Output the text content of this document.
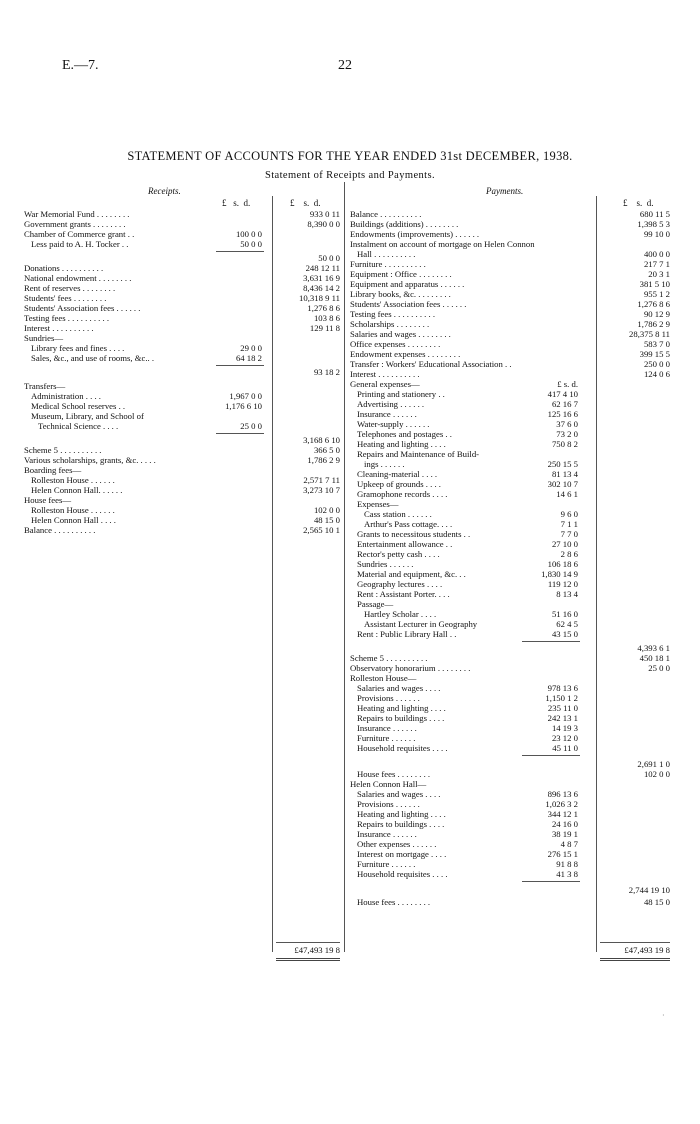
E.—7.	22
STATEMENT OF ACCOUNTS FOR THE YEAR ENDED 31st DECEMBER, 1938.
Statement of Receipts and Payments.
Receipts.	Payments.
£ s. d.	£ s. d.	£ s. d.
War Memorial Fund . . . . . . . .	933 0 11
Government grants . . . . . . . .	8,390 0 0
Chamber of Commerce grant . .	100 0 0
Less paid to A. H. Tocker . .	50 0 0
50 0 0
Donations . . . . . . . . . .	248 12 11
National endowment . . . . . . . .	3,631 16 9
Rent of reserves . . . . . . . .	8,436 14 2
Students' fees . . . . . . . .	10,318 9 11
Students' Association fees . . . . . .	1,276 8 6
Testing fees . . . . . . . . . .	103 8 6
Interest . . . . . . . . . .	129 11 8
Sundries—
Library fees and fines . . . .	29 0 0
Sales, &c., and use of rooms, &c.. .	64 18 2
93 18 2
Transfers—
Administration . . . .	1,967 0 0
Medical School reserves . .	1,176 6 10
Museum, Library, and School of
Technical Science . . . .	25 0 0
3,168 6 10
Scheme 5 . . . . . . . . . .	366 5 0
Various scholarships, grants, &c. . . . .	1,786 2 9
Boarding fees—
Rolleston House . . . . . .	2,571 7 11
Helen Connon Hall. . . . . .	3,273 10 7
House fees—
Rolleston House . . . . . .	102 0 0
Helen Connon Hall . . . .	48 15 0
Balance . . . . . . . . . .	2,565 10 1
£47,493 19 8
Balance . . . . . . . . . .	680 11 5
Buildings (additions) . . . . . . . .	1,398 5 3
Endowments (improvements) . . . . . .	99 10 0
Instalment on account of mortgage on Helen Connon
Hall . . . . . . . . . .	400 0 0
Furniture . . . . . . . . . .	217 7 1
Equipment : Office . . . . . . . .	20 3 1
Equipment and apparatus . . . . . .	381 5 10
Library books, &c. . . . . . . . .	955 1 2
Students' Association fees . . . . . .	1,276 8 6
Testing fees . . . . . . . . . .	90 12 9
Scholarships . . . . . . . .	1,786 2 9
Salaries and wages . . . . . . . .	28,375 8 11
Office expenses . . . . . . . .	583 7 0
Endowment expenses . . . . . . . .	399 15 5
Transfer : Workers' Educational Association . .	250 0 0
Interest . . . . . . . . . .	124 0 6
General expenses—	£ s. d.
Printing and stationery . .	417 4 10
Advertising . . . . . .	62 16 7
Insurance . . . . . .	125 16 6
Water-supply . . . . . .	37 6 0
Telephones and postages . .	73 2 0
Heating and lighting . . . .	750 8 2
Repairs and Maintenance of Build-
ings . . . . . .	250 15 5
Cleaning-material . . . .	81 13 4
Upkeep of grounds . . . .	302 10 7
Gramophone records . . . .	14 6 1
Expenses—
Cass station . . . . . .	9 6 0
Arthur's Pass cottage. . . .	7 1 1
Grants to necessitous students . .	7 7 0
Entertainment allowance . .	27 10 0
Rector's petty cash . . . .	2 8 6
Sundries . . . . . .	106 18 6
Material and equipment, &c. . .	1,830 14 9
Geography lectures . . . .	119 12 0
Rent : Assistant Porter. . . .	8 13 4
Passage—
Hartley Scholar . . . .	51 16 0
Assistant Lecturer in Geography	62 4 5
Rent : Public Library Hall . .	43 15 0
4,393 6 1
Scheme 5 . . . . . . . . . .	450 18 1
Observatory honorarium . . . . . . . .	25 0 0
Rolleston House—
Salaries and wages . . . .	978 13 6
Provisions . . . . . .	1,150 1 2
Heating and lighting . . . .	235 11 0
Repairs to buildings . . . .	242 13 1
Insurance . . . . . .	14 19 3
Furniture . . . . . .	23 12 0
Household requisites . . . .	45 11 0
2,691 1 0
House fees . . . . . . . .	102 0 0
Helen Connon Hall—
Salaries and wages . . . .	896 13 6
Provisions . . . . . .	1,026 3 2
Heating and lighting . . . .	344 12 1
Repairs to buildings . . . .	24 16 0
Insurance . . . . . .	38 19 1
Other expenses . . . . . .	4 8 7
Interest on mortgage . . . .	276 15 1
Furniture . . . . . .	91 8 8
Household requisites . . . .	41 3 8
2,744 19 10
House fees . . . . . . . .	48 15 0
£47,493 19 8
·
